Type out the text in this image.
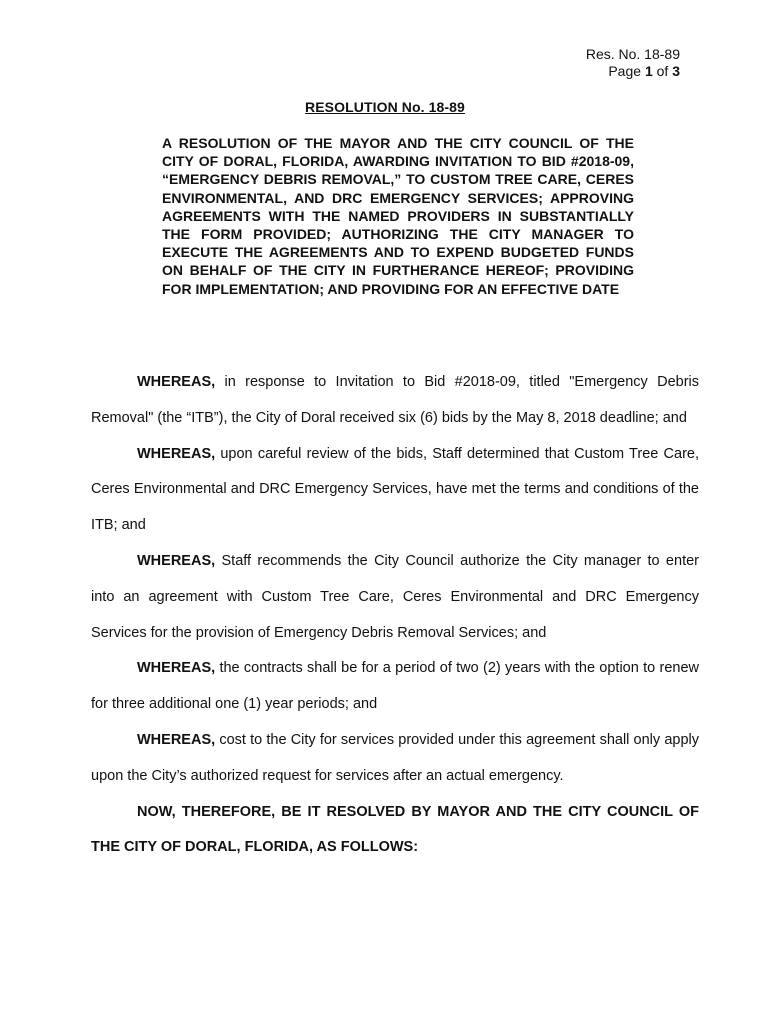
Res. No. 18-89
Page 1 of 3
RESOLUTION No. 18-89
A RESOLUTION OF THE MAYOR AND THE CITY COUNCIL OF THE CITY OF DORAL, FLORIDA, AWARDING INVITATION TO BID #2018-09, “EMERGENCY DEBRIS REMOVAL,” TO CUSTOM TREE CARE, CERES ENVIRONMENTAL, AND DRC EMERGENCY SERVICES; APPROVING AGREEMENTS WITH THE NAMED PROVIDERS IN SUBSTANTIALLY THE FORM PROVIDED; AUTHORIZING THE CITY MANAGER TO EXECUTE THE AGREEMENTS AND TO EXPEND BUDGETED FUNDS ON BEHALF OF THE CITY IN FURTHERANCE HEREOF; PROVIDING FOR IMPLEMENTATION; AND PROVIDING FOR AN EFFECTIVE DATE

WHEREAS, in response to Invitation to Bid #2018-09, titled "Emergency Debris Removal" (the “ITB”), the City of Doral received six (6) bids by the May 8, 2018 deadline; and

WHEREAS, upon careful review of the bids, Staff determined that Custom Tree Care, Ceres Environmental and DRC Emergency Services, have met the terms and conditions of the ITB; and

WHEREAS, Staff recommends the City Council authorize the City manager to enter into an agreement with Custom Tree Care, Ceres Environmental and DRC Emergency Services for the provision of Emergency Debris Removal Services; and

WHEREAS, the contracts shall be for a period of two (2) years with the option to renew for three additional one (1) year periods; and

WHEREAS, cost to the City for services provided under this agreement shall only apply upon the City’s authorized request for services after an actual emergency.

NOW, THEREFORE, BE IT RESOLVED BY MAYOR AND THE CITY COUNCIL OF THE CITY OF DORAL, FLORIDA, AS FOLLOWS:
